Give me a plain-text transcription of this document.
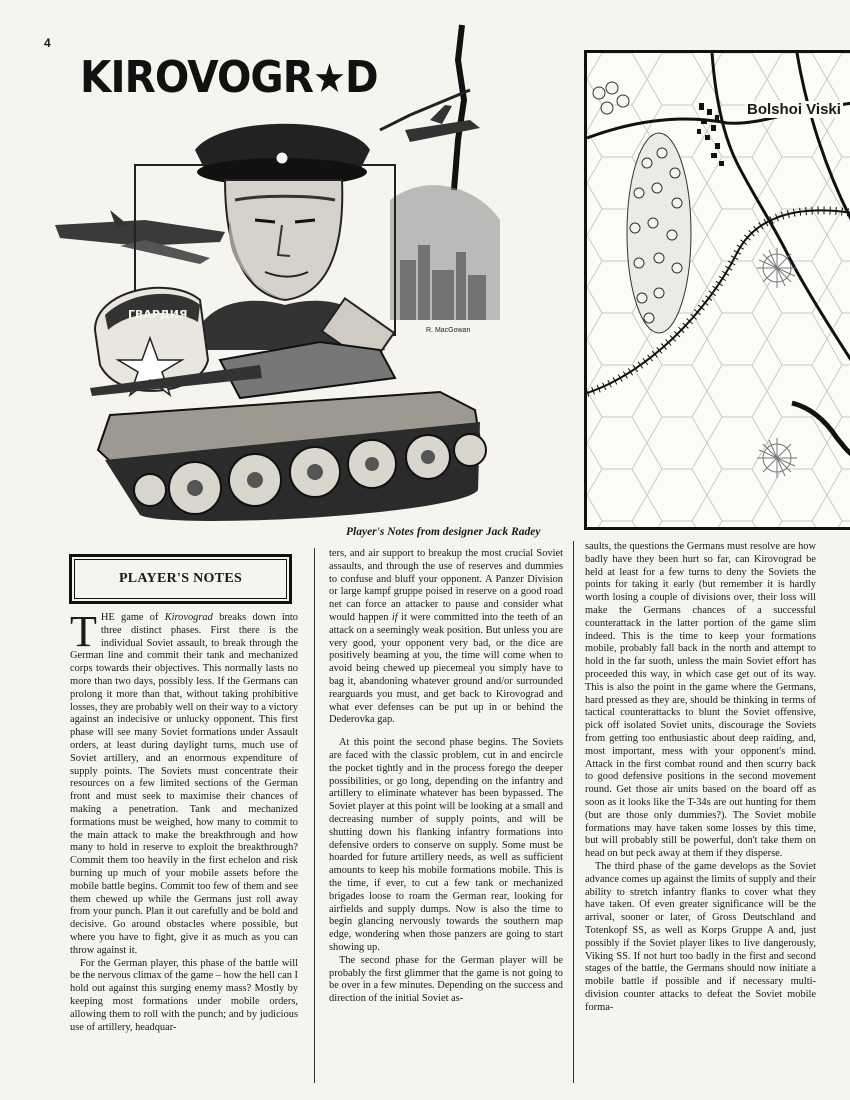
4
KIROVOGR★D
ГВАРДИЯ
R. MacGowan
Player's Notes from designer Jack Radey
Bolshoi Viski
PLAYER'S NOTES

THE game of Kirovograd breaks down into three distinct phases. First there is the individual Soviet assault, to break through the German line and commit their tank and mechanized corps towards their objectives. This normally lasts no more than two days, possibly less. If the Germans can prolong it more than that, without taking prohibitive losses, they are probably well on their way to a victory against an indecisive or unlucky opponent. This first phase will see many Soviet formations under Assault orders, at least during daylight turns, much use of Soviet artillery, and an enormous expenditure of supply points. The Soviets must concentrate their resources on a few limited sections of the German front and must seek to maximise their chances of making a penetration. Tank and mechanized formations must be weighed, how many to commit to the main attack to make the breakthrough and how many to hold in reserve to exploit the breakthrough? Commit them too heavily in the first echelon and risk burning up much of your mobile assets before the mobile battle begins. Commit too few of them and see them chewed up while the Germans just roll away from your punch. Plan it out carefully and be bold and decisive. Go around obstacles where possible, but where you have to fight, give it as much as you can throw against it.

For the German player, this phase of the battle will be the nervous climax of the game – how the hell can I hold out against this surging enemy mass? Mostly by keeping most formations under mobile orders, allowing them to roll with the punch; and by judicious use of artillery, headquar-

ters, and air support to breakup the most crucial Soviet assaults, and through the use of reserves and dummies to confuse and bluff your opponent. A Panzer Division or large kampf gruppe poised in reserve on a good road net can force an attacker to pause and consider what would happen if it were committed into the teeth of an attack on a seemingly weak position. But unless you are very good, your opponent very bad, or the dice are positively beaming at you, the time will come when to avoid being chewed up piecemeal you simply have to bag it, abandoning whatever ground and/or surrounded rearguards you must, and get back to Kirovograd and what ever defenses can be put up in or behind the Dederovka gap.

At this point the second phase begins. The Soviets are faced with the classic problem, cut in and encircle the pocket tightly and in the process forego the deeper possibilities, or go long, depending on the infantry and artillery to eliminate whatever has been bypassed. The Soviet player at this point will be looking at a small and decreasing number of supply points, and will be shutting down his flanking infantry formations into defensive orders to conserve on supply. Some must be hoarded for future artillery needs, as well as sufficient amounts to keep his mobile formations mobile. This is the time, if ever, to cut a few tank or mechanized brigades loose to roam the German rear, looking for airfields and supply dumps. Now is also the time to begin glancing nervously towards the southern map edge, wondering when those panzers are going to start showing up.

The second phase for the German player will be probably the first glimmer that the game is not going to be over in a few minutes. Depending on the success and direction of the initial Soviet as-

saults, the questions the Germans must resolve are how badly have they been hurt so far, can Kirovograd be held at least for a few turns to deny the Soviets the points for taking it early (but remember it is hardly worth losing a couple of divisions over, their loss will make the Germans chances of a successful counterattack in the latter portion of the game slim indeed. This is the time to keep your formations mobile, probably fall back in the north and attempt to hold in the far suoth, unless the main Soviet effort has proceeded this way, in which case get out of its way. This is also the point in the game where the Germans, hard pressed as they are, should be thinking in terms of tactical counterattacks to blunt the Soviet offensive, pick off isolated Soviet units, discourage the Soviets from getting too enthusiastic about deep raiding, and, most important, mess with your opponent's mind. Attack in the first combat round and then scurry back to good defensive positions in the second movement round. Get those air units based on the board off as soon as it looks like the T-34s are out hunting for them (but are those only dummies?). The Soviet mobile formations may have taken some losses by this time, but will probably still be powerful, don't take them on head on but peck away at them if they disperse.

The third phase of the game develops as the Soviet advance comes up against the limits of supply and their ability to stretch infantry flanks to cover what they have taken. Of even greater significance will be the arrival, sooner or later, of Gross Deutschland and Totenkopf SS, as well as Korps Gruppe A and, just possibly if the Soviet player likes to live dangerously, Viking SS. If not hurt too badly in the first and second stages of the battle, the Germans should now initiate a mobile battle if possible and if necessary multi-division counter attacks to defeat the Soviet mobile forma-
